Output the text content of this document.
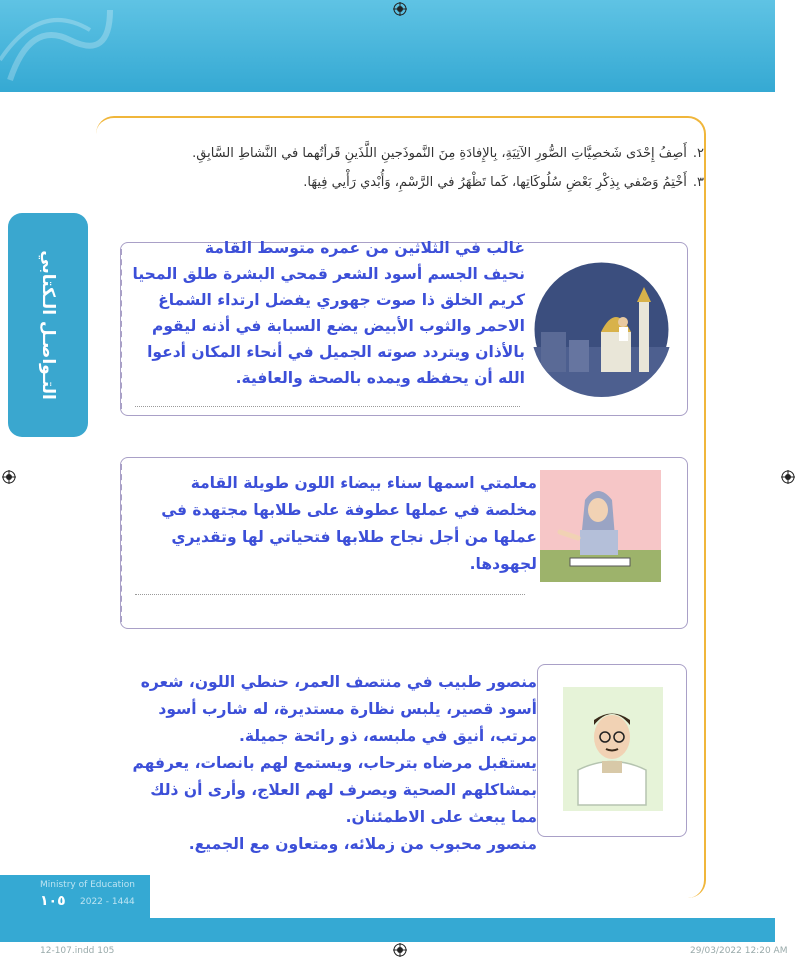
التـواصـل الـكتابي
٢.أَصِفُ إِحْدَى شَخصِيَّاتِ الصُّورِ الآتِيَةِ، بِالإِفادَةِ مِنَ النَّموذَجينِ اللَّذَينِ قَرأتُهما في النَّشاطِ السَّابِقِ.
٣.أَخْتِمُ وَصْفي بِذِكْرِ بَعْضِ سُلُوكَاتِها، كَما تَظْهَرُ في الرَّسْمِ، وَأُبْدي رَأْيي فِيهَا.
غالب في الثلاثين من عمره متوسط القامة
نحيف الجسم أسود الشعر قمحي البشرة طلق المحيا
كريم الخلق ذا صوت جهوري يفضل ارتداء الشماغ
الاحمر والثوب الأبيض يضع السبابة في أذنه ليقوم
بالأذان ويتردد صوته الجميل في أنحاء المكان أدعوا
الله أن يحفظه ويمده بالصحة والعافية.
معلمتي اسمها سناء بيضاء اللون طويلة القامة
مخلصة في عملها عطوفة على طلابها مجتهدة في
عملها من أجل نجاح طلابها فتحياتي لها وتقديري
لجهودها.
منصور طبيب في منتصف العمر، حنطي اللون، شعره
أسود قصير، يلبس نظارة مستديرة، له شارب أسود
مرتب، أنيق في ملبسه، ذو رائحة جميلة.
يستقبل مرضاه بترحاب، ويستمع لهم بانصات، يعرفهم
بمشاكلهم الصحية ويصرف لهم العلاج، وأرى أن ذلك
مما يبعث على الاطمئنان.
منصور محبوب من زملائه، ومتعاون مع الجميع.
Ministry of Education
١٠٥ 2022 - 1444
12-107.indd 105	29/03/2022 12:20 AM
